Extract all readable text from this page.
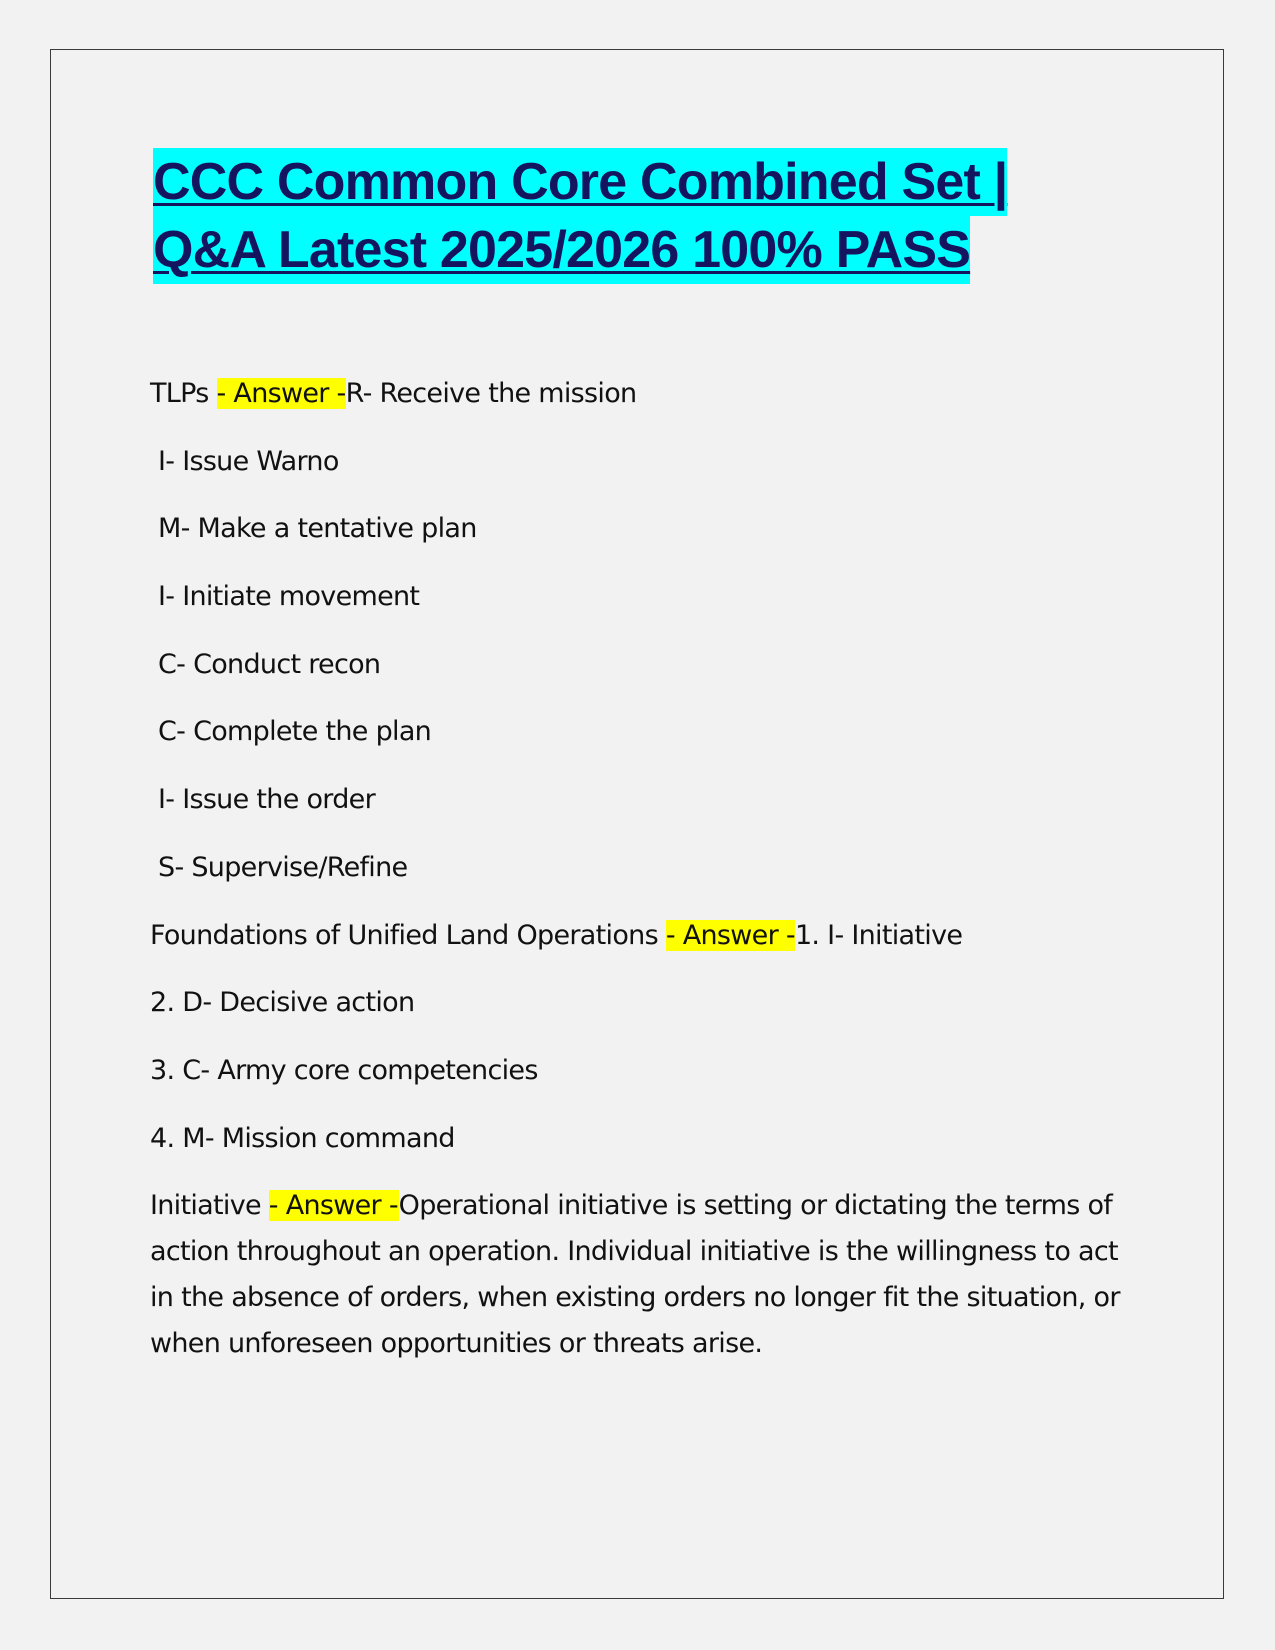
CCC Common Core Combined Set |
Q&A Latest 2025/2026 100% PASS
TLPs - Answer -R- Receive the mission
I- Issue Warno
M- Make a tentative plan
I- Initiate movement
C- Conduct recon
C- Complete the plan
I- Issue the order
S- Supervise/Refine
Foundations of Unified Land Operations - Answer -1. I- Initiative
2. D- Decisive action
3. C- Army core competencies
4. M- Mission command
Initiative - Answer -Operational initiative is setting or dictating the terms of action throughout an operation. Individual initiative is the willingness to act in the absence of orders, when existing orders no longer fit the situation, or when unforeseen opportunities or threats arise.
